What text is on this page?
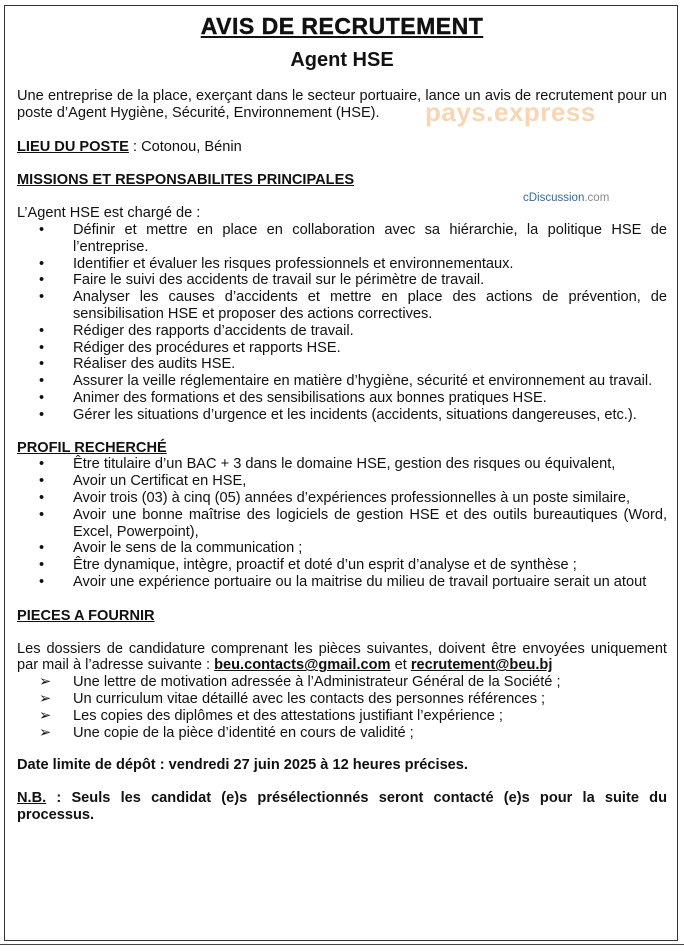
AVIS DE RECRUTEMENT
Agent HSE

Une entreprise de la place, exerçant dans le secteur portuaire, lance un avis de recrutement pour un poste d’Agent Hygiène, Sécurité, Environnement (HSE).

LIEU DU POSTE : Cotonou, Bénin

MISSIONS ET RESPONSABILITES PRINCIPALES

L’Agent HSE est chargé de :

• Définir et mettre en place en collaboration avec sa hiérarchie, la politique HSE de l’entreprise.
• Identifier et évaluer les risques professionnels et environnementaux.
• Faire le suivi des accidents de travail sur le périmètre de travail.
• Analyser les causes d’accidents et mettre en place des actions de prévention, de sensibilisation HSE et proposer des actions correctives.
• Rédiger des rapports d’accidents de travail.
• Rédiger des procédures et rapports HSE.
• Réaliser des audits HSE.
• Assurer la veille réglementaire en matière d’hygiène, sécurité et environnement au travail.
• Animer des formations et des sensibilisations aux bonnes pratiques HSE.
• Gérer les situations d’urgence et les incidents (accidents, situations dangereuses, etc.).

PROFIL RECHERCHÉ

• Être titulaire d’un BAC + 3 dans le domaine HSE, gestion des risques ou équivalent,
• Avoir un Certificat en HSE,
• Avoir trois (03) à cinq (05) années d’expériences professionnelles à un poste similaire,
• Avoir une bonne maîtrise des logiciels de gestion HSE et des outils bureautiques (Word, Excel, Powerpoint),
• Avoir le sens de la communication ;
• Être dynamique, intègre, proactif et doté d’un esprit d’analyse et de synthèse ;
• Avoir une expérience portuaire ou la maitrise du milieu de travail portuaire serait un atout

PIECES A FOURNIR

Les dossiers de candidature comprenant les pièces suivantes, doivent être envoyées uniquement par mail à l’adresse suivante : beu.contacts@gmail.com et recrutement@beu.bj

➢ Une lettre de motivation adressée à l’Administrateur Général de la Société ;
➢ Un curriculum vitae détaillé avec les contacts des personnes références ;
➢ Les copies des diplômes et des attestations justifiant l’expérience ;
➢ Une copie de la pièce d’identité en cours de validité ;

Date limite de dépôt : vendredi 27 juin 2025 à 12 heures précises.

N.B. : Seuls les candidat (e)s présélectionnés seront contacté (e)s pour la suite du processus.

pays.express
cDiscussion.com
